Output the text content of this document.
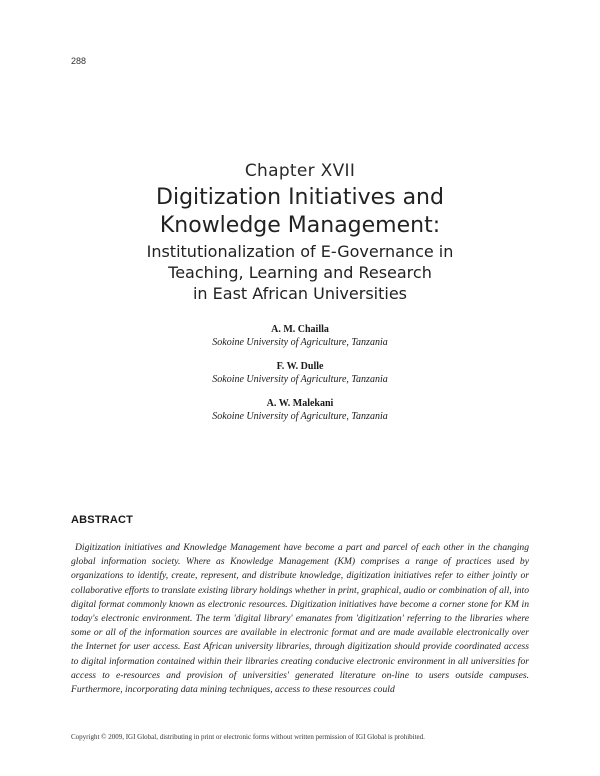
288
Chapter XVII
Digitization Initiatives and
Knowledge Management:
Institutionalization of E-Governance in
Teaching, Learning and Research
in East African Universities
A. M. Chailla
Sokoine University of Agriculture, Tanzania
F. W. Dulle
Sokoine University of Agriculture, Tanzania
A. W. Malekani
Sokoine University of Agriculture, Tanzania
ABSTRACT
Digitization initiatives and Knowledge Management have become a part and parcel of each other in the changing global information society. Where as Knowledge Management (KM) comprises a range of practices used by organizations to identify, create, represent, and distribute knowledge, digitization initiatives refer to either jointly or collaborative efforts to translate existing library holdings whether in print, graphical, audio or combination of all, into digital format commonly known as electronic resources. Digitization initiatives have become a corner stone for KM in today's electronic environment. The term 'digital library' emanates from 'digitization' referring to the libraries where some or all of the information sources are available in electronic format and are made available electronically over the Internet for user access. East African university libraries, through digitization should provide coordinated access to digital information contained within their libraries creating conducive electronic environment in all universities for access to e-resources and provision of universities' generated literature on-line to users outside campuses. Furthermore, incorporating data mining techniques, access to these resources could
Copyright © 2009, IGI Global, distributing in print or electronic forms without written permission of IGI Global is prohibited.
